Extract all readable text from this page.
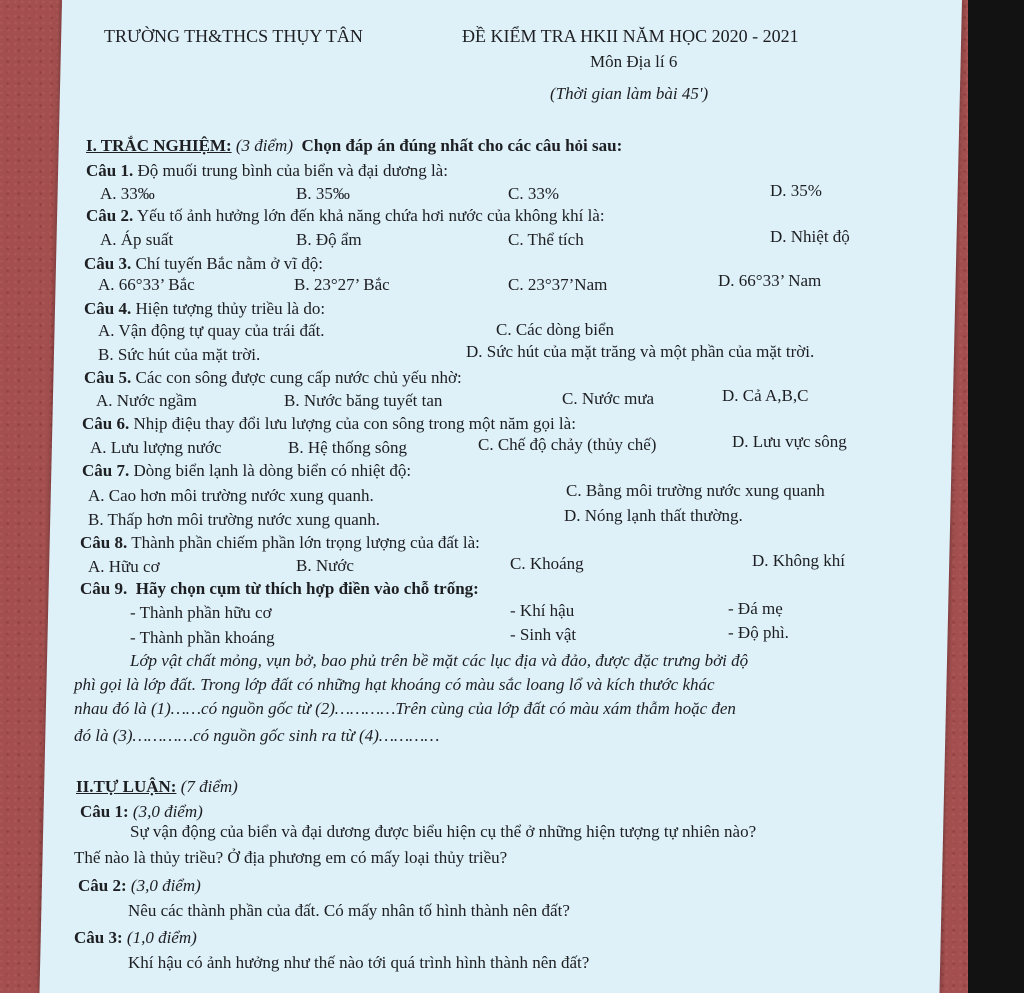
TRƯỜNG TH&THCS THỤY TÂN	ĐỀ KIỂM TRA HKII NĂM HỌC 2020 - 2021
Môn Địa lí 6
(Thời gian làm bài 45')
I. TRẮC NGHIỆM: (3 điểm) Chọn đáp án đúng nhất cho các câu hỏi sau:
Câu 1. Độ muối trung bình của biển và đại dương là:
A. 33‰	B. 35‰	C. 33%	D. 35%
Câu 2. Yếu tố ảnh hưởng lớn đến khả năng chứa hơi nước của không khí là:
A. Áp suất	B. Độ ẩm	C. Thể tích	D. Nhiệt độ
Câu 3. Chí tuyến Bắc nằm ở vĩ độ:
A. 66°33’ Bắc	B. 23°27’ Bắc	C. 23°37’Nam	D. 66°33’ Nam
Câu 4. Hiện tượng thủy triều là do:
A. Vận động tự quay của trái đất.
B. Sức hút của mặt trời.
C. Các dòng biển
D. Sức hút của mặt trăng và một phần của mặt trời.
Câu 5. Các con sông được cung cấp nước chủ yếu nhờ:
A. Nước ngầm	B. Nước băng tuyết tan	C. Nước mưa	D. Cả A,B,C
Câu 6. Nhịp điệu thay đổi lưu lượng của con sông trong một năm gọi là:
A. Lưu lượng nước	B. Hệ thống sông	C. Chế độ chảy (thủy chế)	D. Lưu vực sông
Câu 7. Dòng biển lạnh là dòng biển có nhiệt độ:
A. Cao hơn môi trường nước xung quanh.
B. Thấp hơn môi trường nước xung quanh.
C. Bằng môi trường nước xung quanh
D. Nóng lạnh thất thường.
Câu 8. Thành phần chiếm phần lớn trọng lượng của đất là:
A. Hữu cơ	B. Nước	C. Khoáng	D. Không khí
Câu 9. Hãy chọn cụm từ thích hợp điền vào chỗ trống:
- Thành phần hữu cơ	- Khí hậu	- Đá mẹ
- Thành phần khoáng	- Sinh vật	- Độ phì.
Lớp vật chất mỏng, vụn bở, bao phủ trên bề mặt các lục địa và đảo, được đặc trưng bởi độ
phì gọi là lớp đất. Trong lớp đất có những hạt khoáng có màu sắc loang lổ và kích thước khác
nhau đó là (1)……có nguồn gốc từ (2)…………Trên cùng của lớp đất có màu xám thẫm hoặc đen
đó là (3)…………có nguồn gốc sinh ra từ (4)…………
II.TỰ LUẬN: (7 điểm)
Câu 1: (3,0 điểm)
Sự vận động của biển và đại dương được biểu hiện cụ thể ở những hiện tượng tự nhiên nào?
Thế nào là thủy triều? Ở địa phương em có mấy loại thủy triều?
Câu 2: (3,0 điểm)
Nêu các thành phần của đất. Có mấy nhân tố hình thành nên đất?
Câu 3: (1,0 điểm)
Khí hậu có ảnh hưởng như thế nào tới quá trình hình thành nên đất?
